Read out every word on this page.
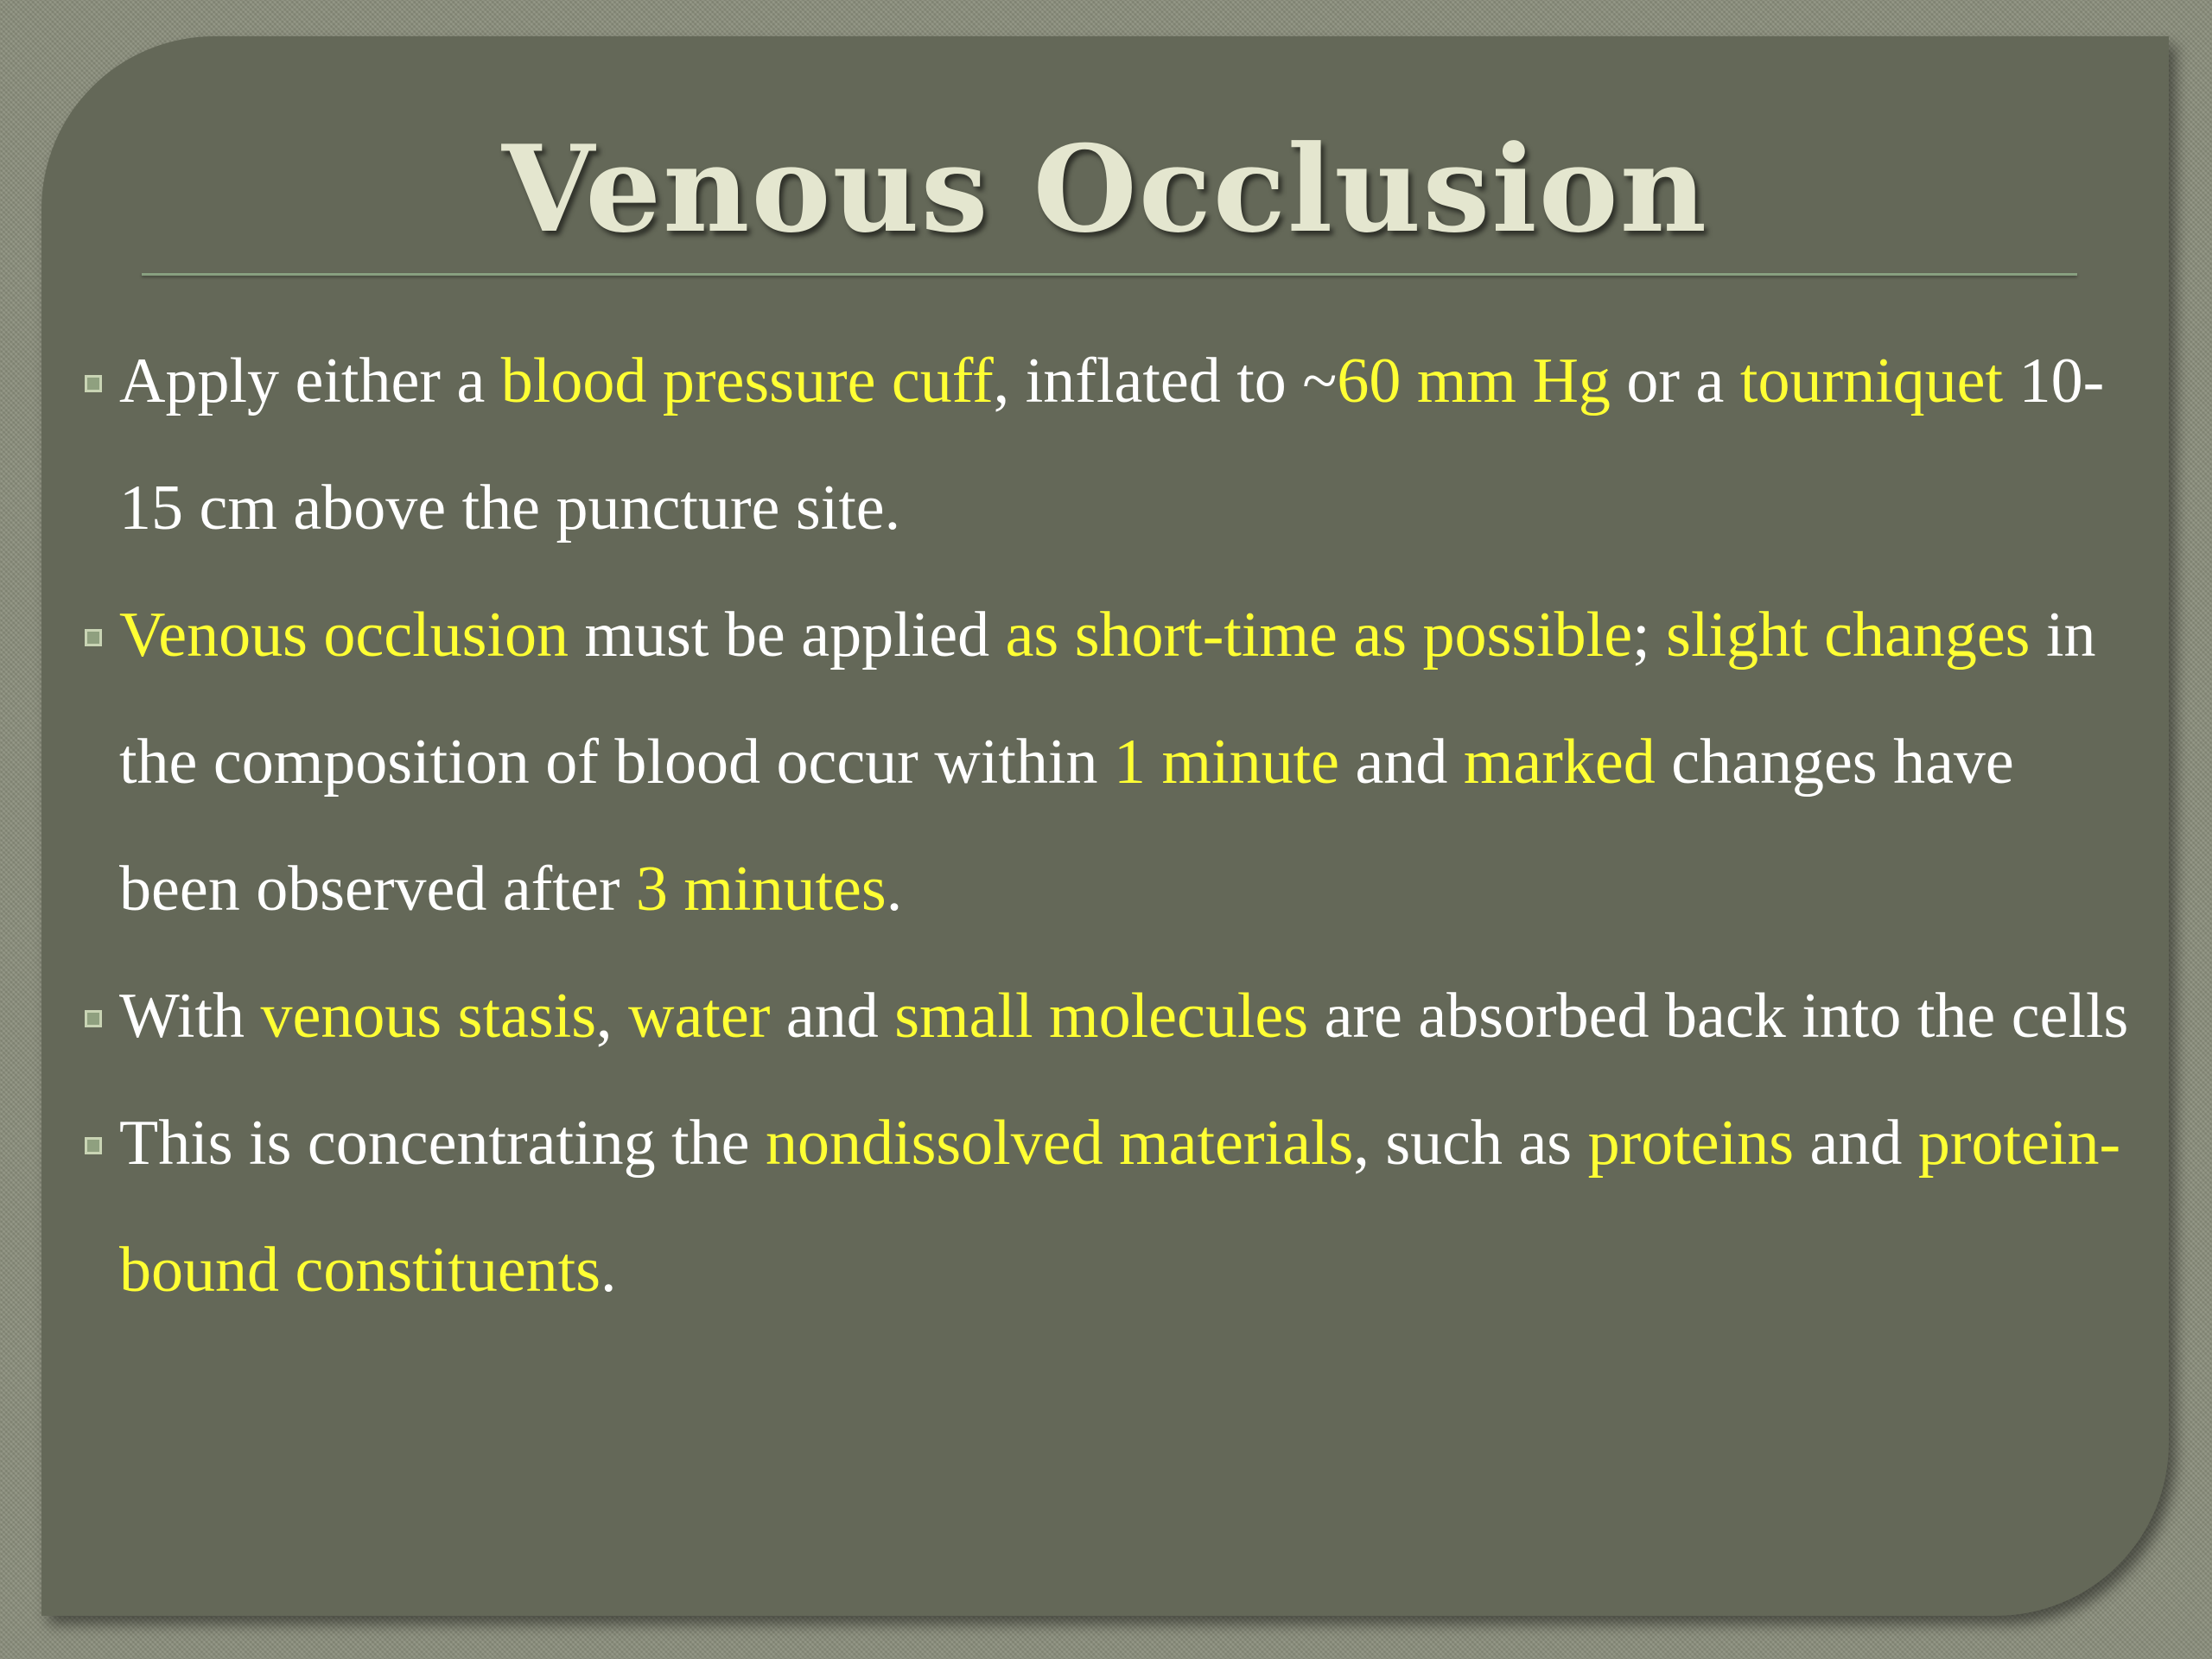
Venous Occlusion
Apply either a blood pressure cuff, inflated to ~60 mm Hg or a tourniquet 10-15 cm above the puncture site.
Venous occlusion must be applied as short-time as possible; slight changes in the composition of blood occur within 1 minute and marked changes have been observed after 3 minutes.
With venous stasis, water and small molecules are absorbed back into the cells
This is concentrating the nondissolved materials, such as proteins and protein-bound constituents.
